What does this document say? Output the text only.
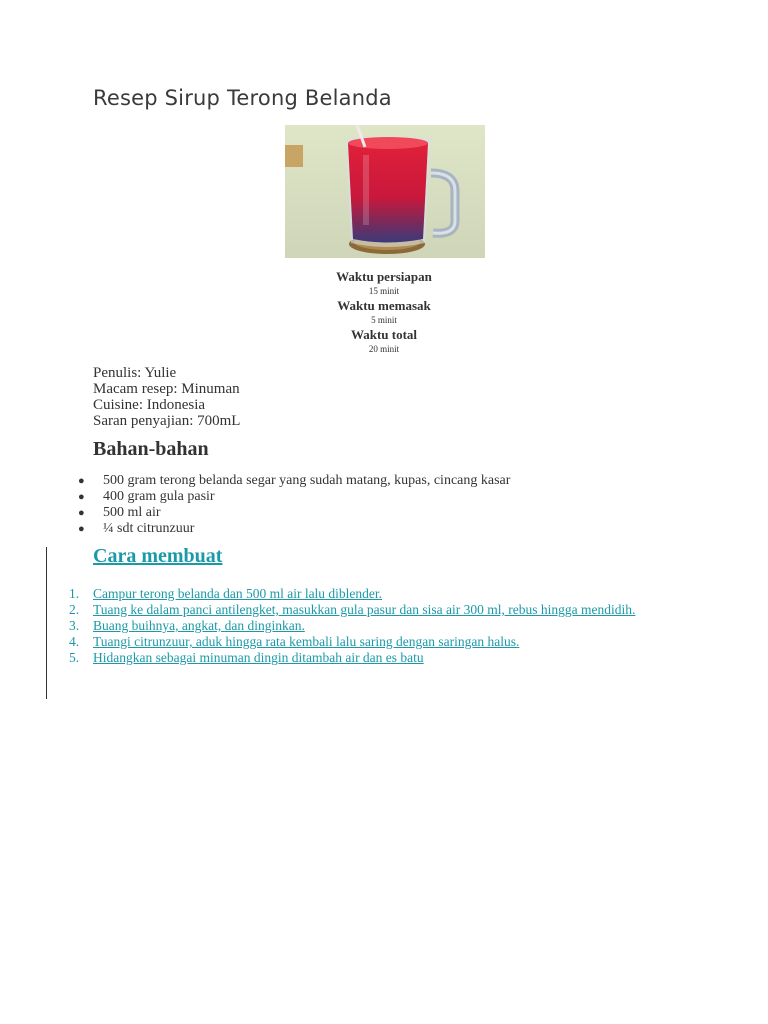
Resep Sirup Terong Belanda
Waktu persiapan
15 minit
Waktu memasak
5 minit
Waktu total
20 minit
Penulis: Yulie
Macam resep: Minuman
Cuisine: Indonesia
Saran penyajian: 700mL
Bahan-bahan
● 500 gram terong belanda segar yang sudah matang, kupas, cincang kasar
● 400 gram gula pasir
● 500 ml air
● ¼ sdt citrunzuur
Cara membuat
1. Campur terong belanda dan 500 ml air lalu diblender.
2. Tuang ke dalam panci antilengket, masukkan gula pasur dan sisa air 300 ml, rebus hingga mendidih.
3. Buang buihnya, angkat, dan dinginkan.
4. Tuangi citrunzuur, aduk hingga rata kembali lalu saring dengan saringan halus.
5. Hidangkan sebagai minuman dingin ditambah air dan es batu
